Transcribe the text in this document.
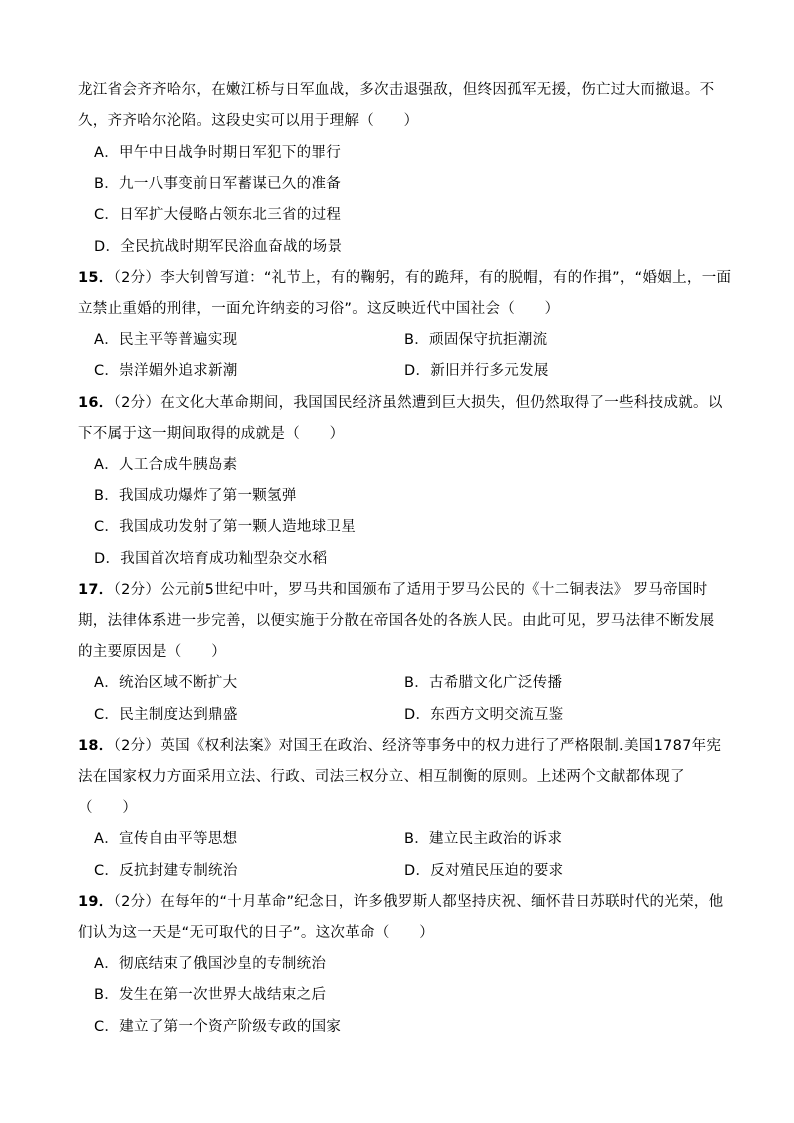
龙江省会齐齐哈尔，在嫩江桥与日军血战，多次击退强敌，但终因孤军无援，伤亡过大而撤退。不
久，齐齐哈尔沦陷。这段史实可以用于理解（　　）
A．甲午中日战争时期日军犯下的罪行
B．九一八事变前日军蓄谋已久的准备
C．日军扩大侵略占领东北三省的过程
D．全民抗战时期军民浴血奋战的场景
15．（2分）李大钊曾写道：“礼节上，有的鞠躬，有的跪拜，有的脱帽，有的作揖”，“婚姻上，一面
立禁止重婚的刑律，一面允许纳妾的习俗”。这反映近代中国社会（　　）
A．民主平等普遍实现	B．顽固保守抗拒潮流
C．崇洋媚外追求新潮	D．新旧并行多元发展
16．（2分）在文化大革命期间，我国国民经济虽然遭到巨大损失，但仍然取得了一些科技成就。以
下不属于这一期间取得的成就是（　　）
A．人工合成牛胰岛素
B．我国成功爆炸了第一颗氢弹
C．我国成功发射了第一颗人造地球卫星
D．我国首次培育成功籼型杂交水稻
17．（2分）公元前5世纪中叶，罗马共和国颁布了适用于罗马公民的《十二铜表法》 罗马帝国时
期，法律体系进一步完善，以便实施于分散在帝国各处的各族人民。由此可见，罗马法律不断发展
的主要原因是（　　）
A．统治区域不断扩大	B．古希腊文化广泛传播
C．民主制度达到鼎盛	D．东西方文明交流互鉴
18．（2分）英国《权利法案》对国王在政治、经济等事务中的权力进行了严格限制.美国1787年宪
法在国家权力方面采用立法、行政、司法三权分立、相互制衡的原则。上述两个文献都体现了
（　　）
A．宣传自由平等思想	B．建立民主政治的诉求
C．反抗封建专制统治	D．反对殖民压迫的要求
19．（2分）在每年的“十月革命”纪念日，许多俄罗斯人都坚持庆祝、缅怀昔日苏联时代的光荣，他
们认为这一天是“无可取代的日子”。这次革命（　　）
A．彻底结束了俄国沙皇的专制统治
B．发生在第一次世界大战结束之后
C．建立了第一个资产阶级专政的国家
